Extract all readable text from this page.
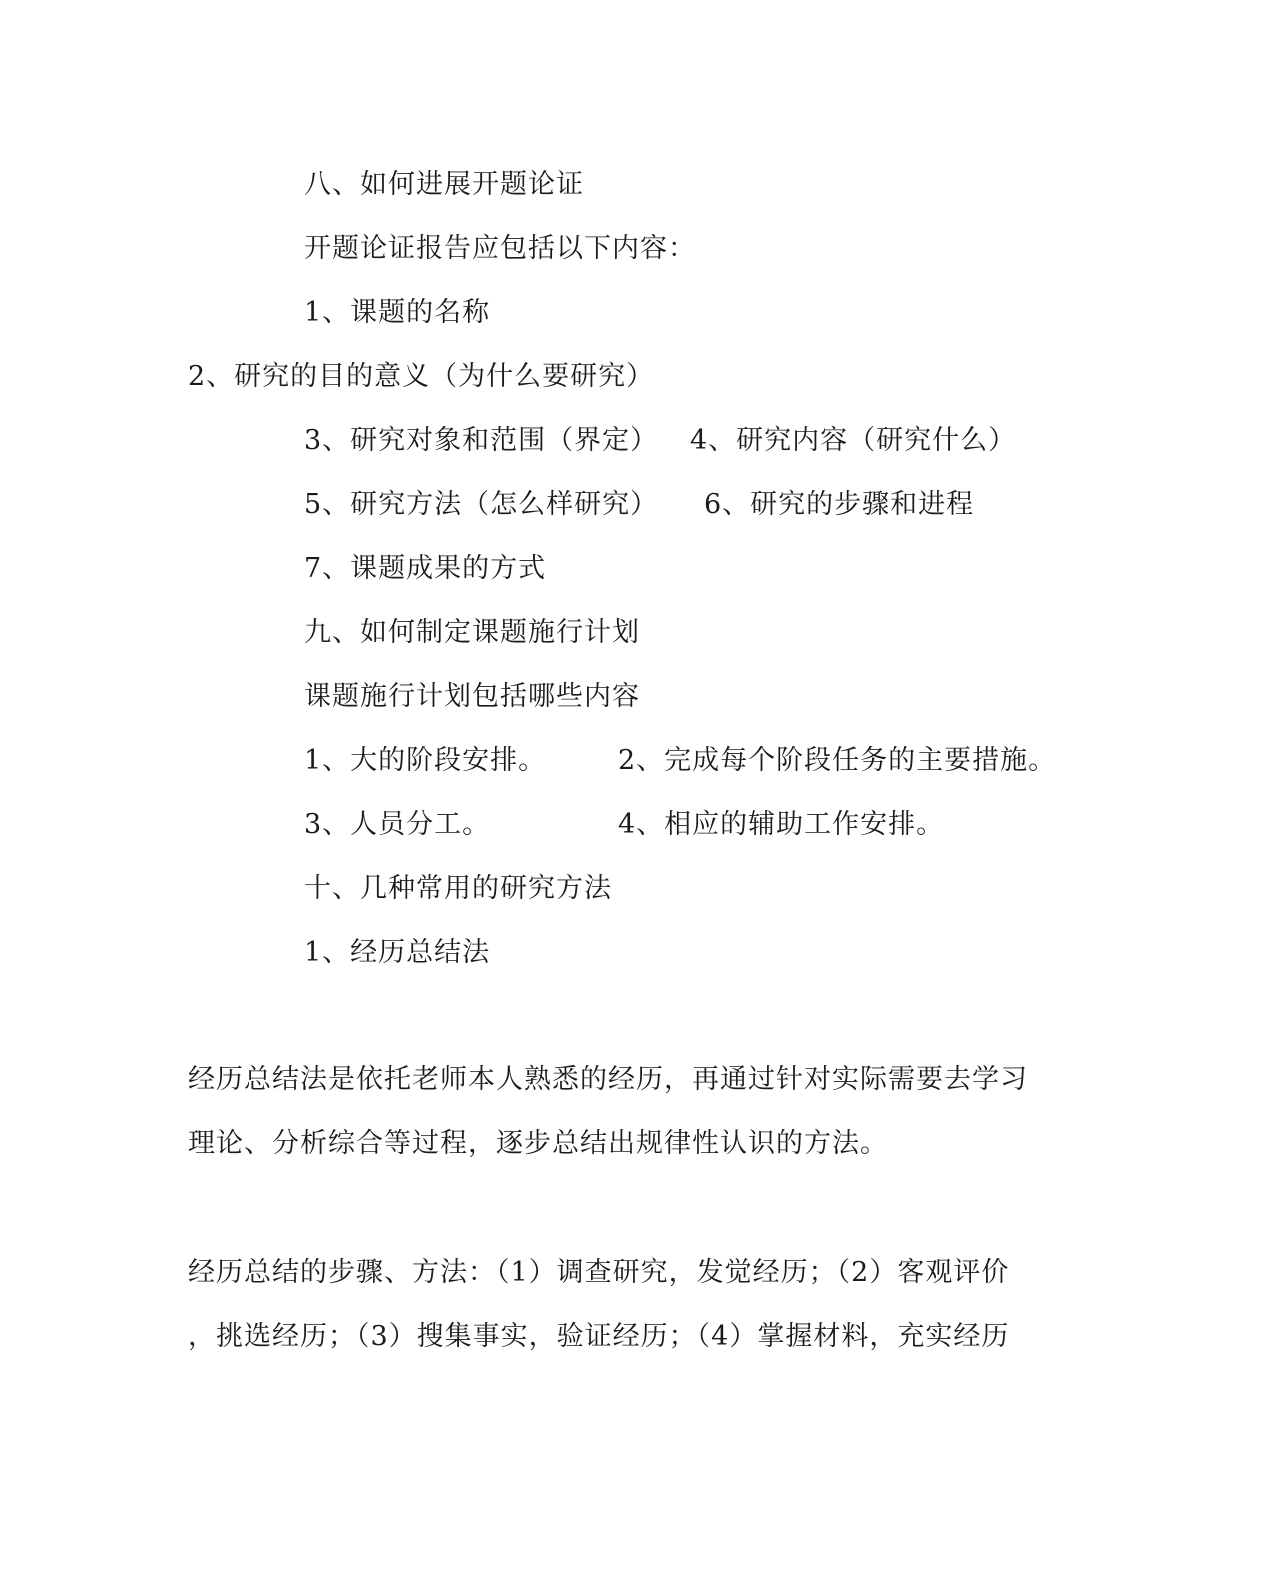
八、如何进展开题论证
开题论证报告应包括以下内容：
1、课题的名称
2、研究的目的意义（为什么要研究）
3、研究对象和范围（界定） 4、研究内容（研究什么）
5、研究方法（怎么样研究） 6、研究的步骤和进程
7、课题成果的方式
九、如何制定课题施行计划
课题施行计划包括哪些内容
1、大的阶段安排。	2、完成每个阶段任务的主要措施。
3、人员分工。	4、相应的辅助工作安排。
十、几种常用的研究方法
1、经历总结法
经历总结法是依托老师本人熟悉的经历，再通过针对实际需要去学习
理论、分析综合等过程，逐步总结出规律性认识的方法。
经历总结的步骤、方法：（1）调查研究，发觉经历；（2）客观评价
，挑选经历；（3）搜集事实，验证经历；（4）掌握材料，充实经历
